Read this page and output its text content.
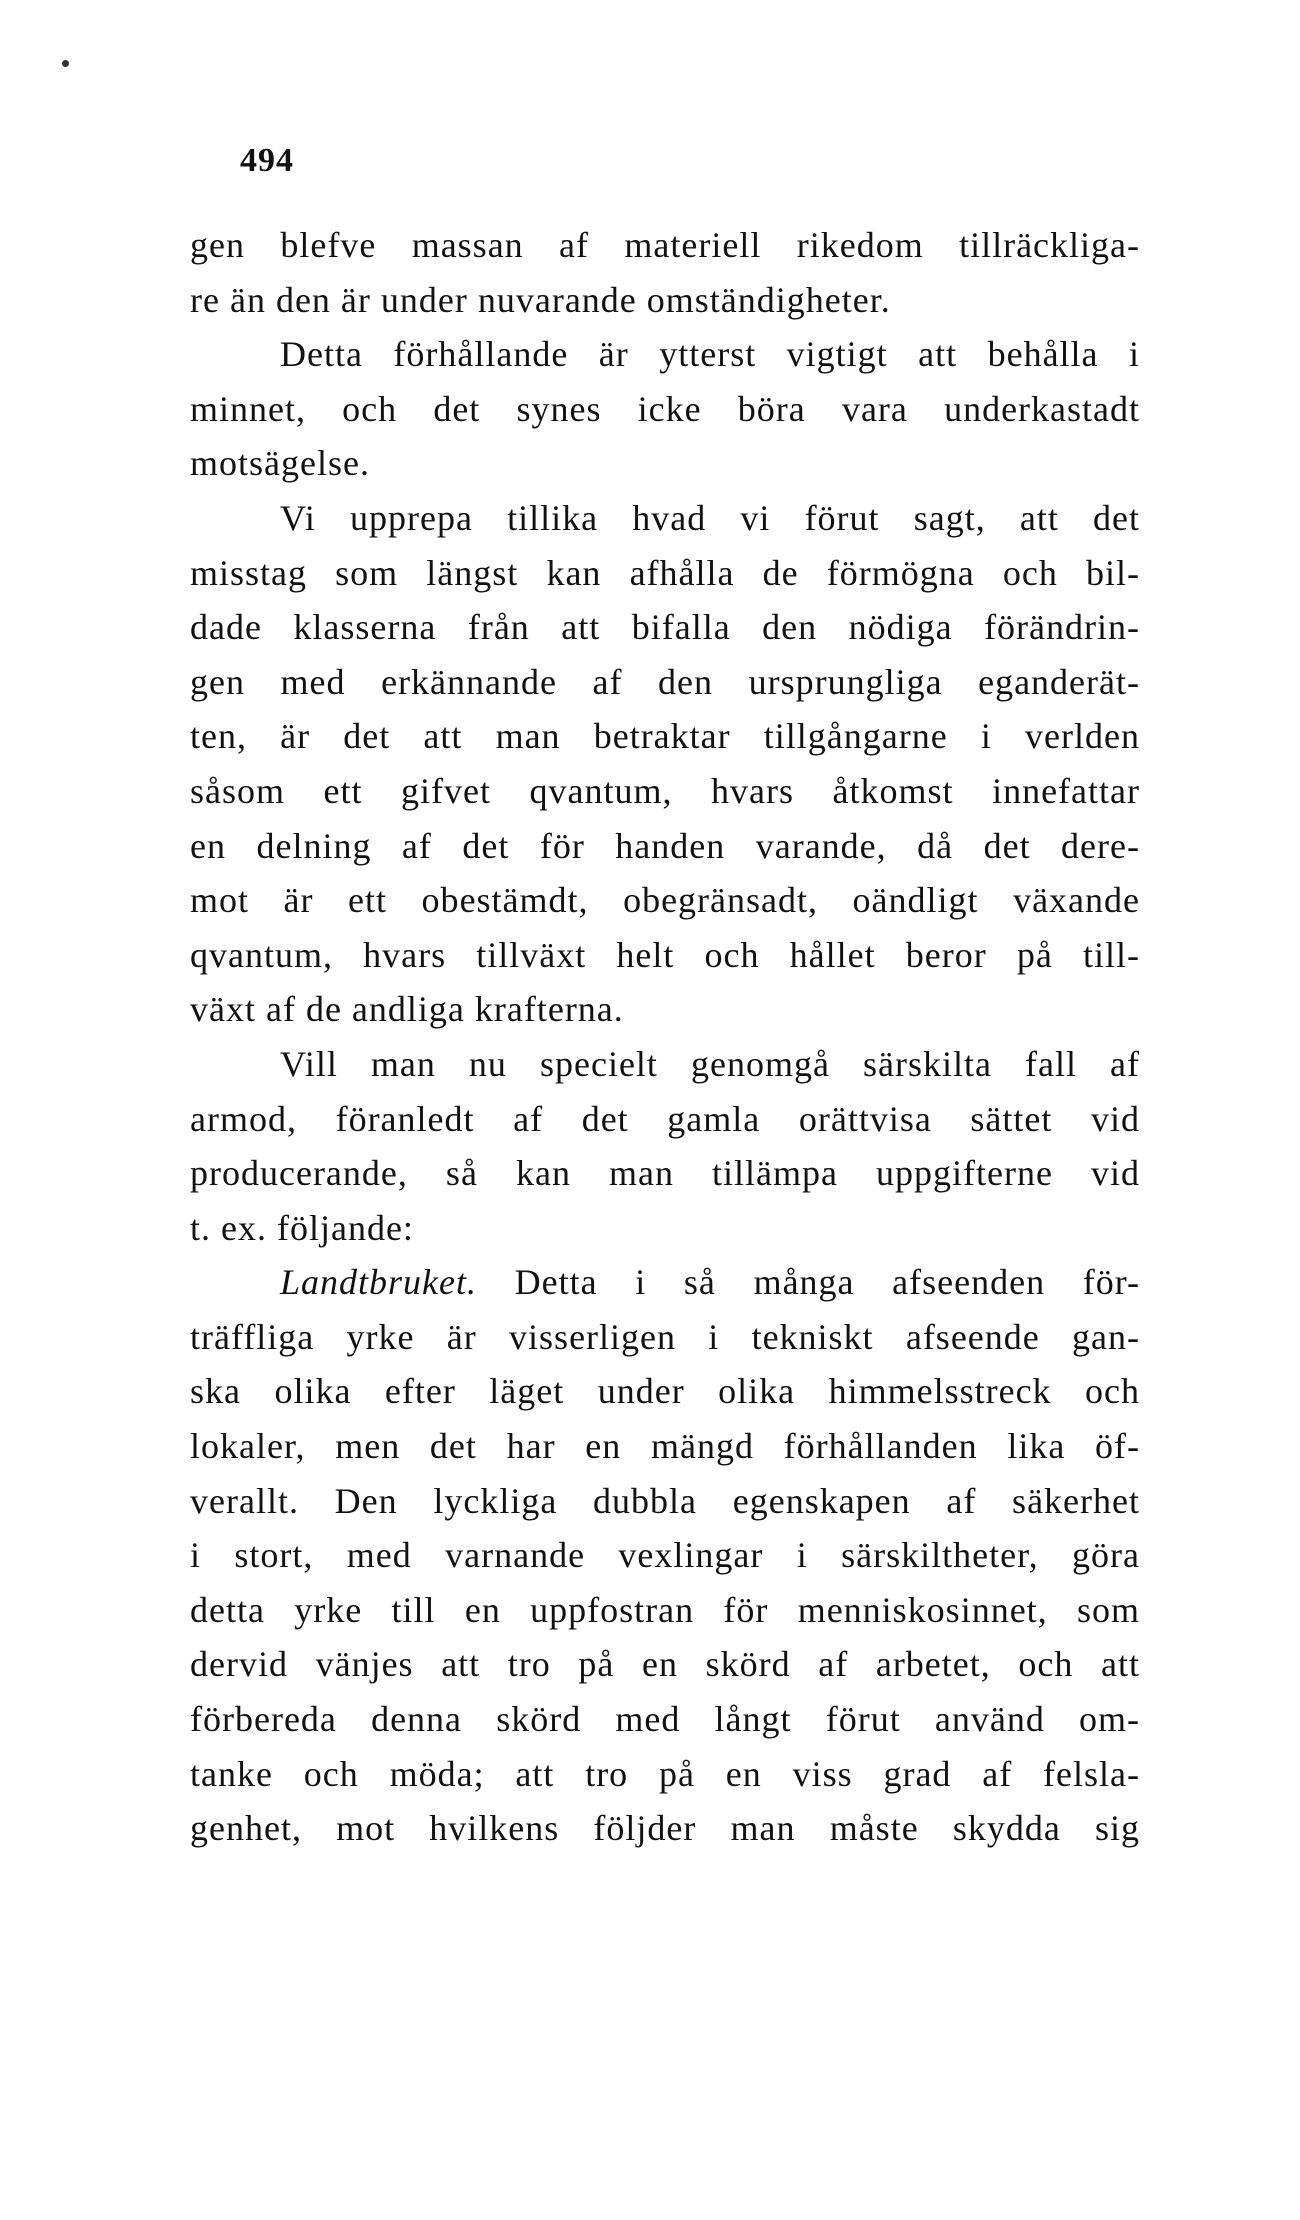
494
gen blefve massan af materiell rikedom tillräckliga-
re än den är under nuvarande omständigheter.
Detta förhållande är ytterst vigtigt att behålla i
minnet, och det synes icke böra vara underkastadt
motsägelse.
Vi upprepa tillika hvad vi förut sagt, att det
misstag som längst kan afhålla de förmögna och bil-
dade klasserna från att bifalla den nödiga förändrin-
gen med erkännande af den ursprungliga eganderät-
ten, är det att man betraktar tillgångarne i verlden
såsom ett gifvet qvantum, hvars åtkomst innefattar
en delning af det för handen varande, då det dere-
mot är ett obestämdt, obegränsadt, oändligt växande
qvantum, hvars tillväxt helt och hållet beror på till-
växt af de andliga krafterna.
Vill man nu specielt genomgå särskilta fall af
armod, föranledt af det gamla orättvisa sättet vid
producerande, så kan man tillämpa uppgifterne vid
t. ex. följande:
Landtbruket. Detta i så många afseenden för-
träffliga yrke är visserligen i tekniskt afseende gan-
ska olika efter läget under olika himmelsstreck och
lokaler, men det har en mängd förhållanden lika öf-
verallt. Den lyckliga dubbla egenskapen af säkerhet
i stort, med varnande vexlingar i särskiltheter, göra
detta yrke till en uppfostran för menniskosinnet, som
dervid vänjes att tro på en skörd af arbetet, och att
förbereda denna skörd med långt förut använd om-
tanke och möda; att tro på en viss grad af felsla-
genhet, mot hvilkens följder man måste skydda sig
